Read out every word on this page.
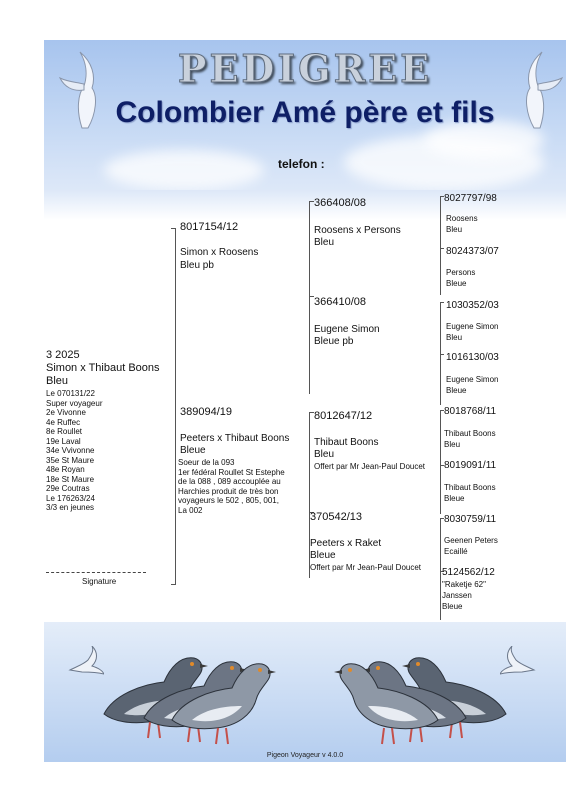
PEDIGREE
Colombier Amé père et fils
telefon :
3 2025
Simon x Thibaut Boons
Bleu
Le 070131/22
Super voyageur
2e Vivonne
4e Ruffec
8e Roullet
19e Laval
34e Vvivonne
35e St Maure
48e Royan
18e St Maure
29e Coutras
Le 176263/24
3/3 en jeunes
Signature
8017154/12
Simon x Roosens
Bleu pb
389094/19
Peeters x Thibaut Boons
Bleue
Soeur de la 093
1er fédéral Roullet St Estephe
de la 088 , 089 accouplée au
Harchies produit de très bon
voyageurs le 502 , 805, 001,
La 002
366408/08
Roosens x Persons
Bleu
366410/08
Eugene Simon
Bleue pb
8012647/12
Thibaut Boons
Bleu
Offert par Mr Jean-Paul Doucet
370542/13
Peeters x Raket
Bleue
Offert par Mr Jean-Paul Doucet
8027797/98
Roosens
Bleu
8024373/07
Persons
Bleue
1030352/03
Eugene Simon
Bleu
1016130/03
Eugene Simon
Bleue
8018768/11
Thibaut Boons
Bleu
8019091/11
Thibaut Boons
Bleue
8030759/11
Geenen Peters
Ecaillé
5124562/12
"Raketje 62"
Janssen
Bleue
Pigeon Voyageur v 4.0.0
